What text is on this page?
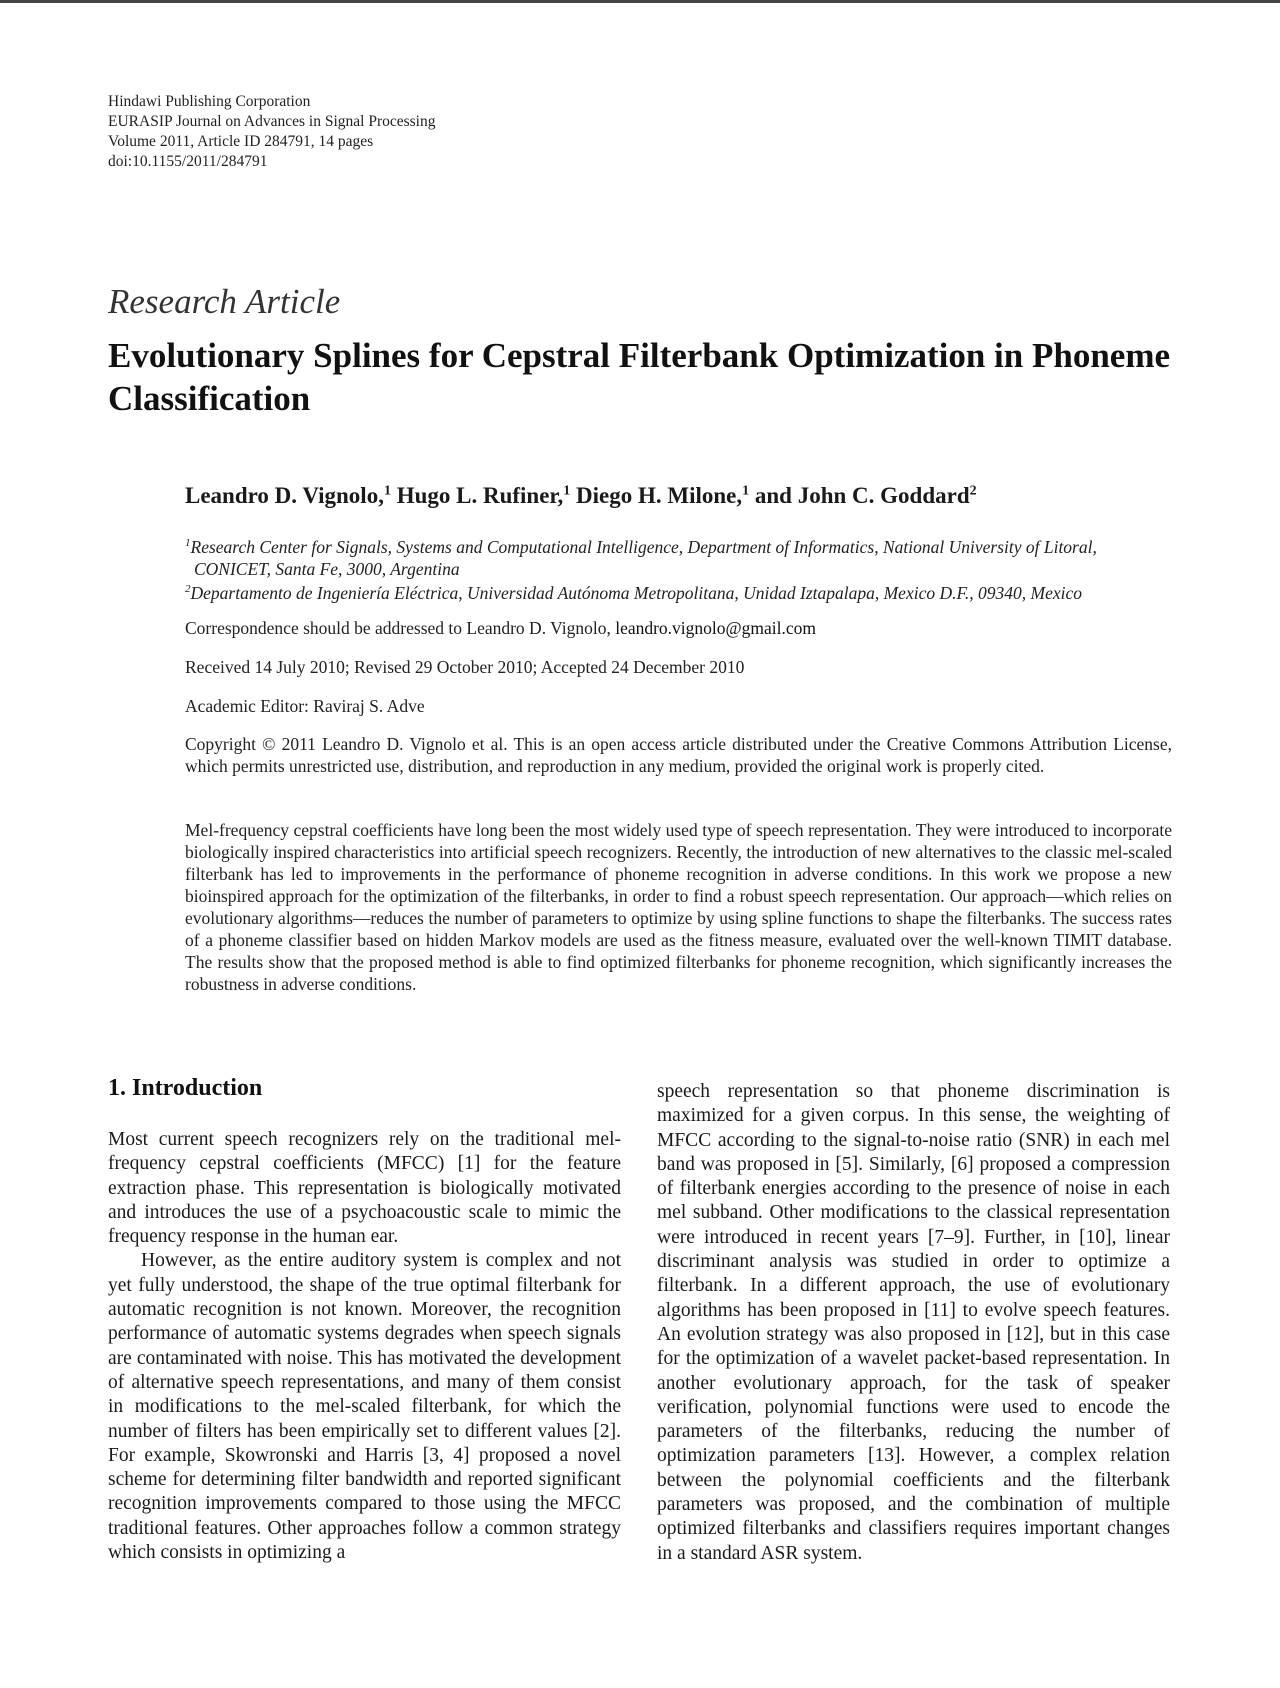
Hindawi Publishing Corporation
EURASIP Journal on Advances in Signal Processing
Volume 2011, Article ID 284791, 14 pages
doi:10.1155/2011/284791
Research Article
Evolutionary Splines for Cepstral Filterbank Optimization in Phoneme Classification
Leandro D. Vignolo,$^1$ Hugo L. Rufiner,$^1$ Diego H. Milone,$^1$ and John C. Goddard$^2$
$^1$Research Center for Signals, Systems and Computational Intelligence, Department of Informatics, National University of Litoral,
CONICET, Santa Fe, 3000, Argentina
$^2$Departamento de Ingeniería Eléctrica, Universidad Autónoma Metropolitana, Unidad Iztapalapa, Mexico D.F., 09340, Mexico
Correspondence should be addressed to Leandro D. Vignolo, leandro.vignolo@gmail.com
Received 14 July 2010; Revised 29 October 2010; Accepted 24 December 2010
Academic Editor: Raviraj S. Adve
Copyright © 2011 Leandro D. Vignolo et al. This is an open access article distributed under the Creative Commons Attribution License, which permits unrestricted use, distribution, and reproduction in any medium, provided the original work is properly cited.
Mel-frequency cepstral coefficients have long been the most widely used type of speech representation. They were introduced to incorporate biologically inspired characteristics into artificial speech recognizers. Recently, the introduction of new alternatives to the classic mel-scaled filterbank has led to improvements in the performance of phoneme recognition in adverse conditions. In this work we propose a new bioinspired approach for the optimization of the filterbanks, in order to find a robust speech representation. Our approach—which relies on evolutionary algorithms—reduces the number of parameters to optimize by using spline functions to shape the filterbanks. The success rates of a phoneme classifier based on hidden Markov models are used as the fitness measure, evaluated over the well-known TIMIT database. The results show that the proposed method is able to find optimized filterbanks for phoneme recognition, which significantly increases the robustness in adverse conditions.
1. Introduction

Most current speech recognizers rely on the traditional mel-frequency cepstral coefficients (MFCC) [1] for the feature extraction phase. This representation is biologically motivated and introduces the use of a psychoacoustic scale to mimic the frequency response in the human ear.

However, as the entire auditory system is complex and not yet fully understood, the shape of the true optimal filterbank for automatic recognition is not known. Moreover, the recognition performance of automatic systems degrades when speech signals are contaminated with noise. This has motivated the development of alternative speech representations, and many of them consist in modifications to the mel-scaled filterbank, for which the number of filters has been empirically set to different values [2]. For example, Skowronski and Harris [3, 4] proposed a novel scheme for determining filter bandwidth and reported significant recognition improvements compared to those using the MFCC traditional features. Other approaches follow a common strategy which consists in optimizing a

speech representation so that phoneme discrimination is maximized for a given corpus. In this sense, the weighting of MFCC according to the signal-to-noise ratio (SNR) in each mel band was proposed in [5]. Similarly, [6] proposed a compression of filterbank energies according to the presence of noise in each mel subband. Other modifications to the classical representation were introduced in recent years [7–9]. Further, in [10], linear discriminant analysis was studied in order to optimize a filterbank. In a different approach, the use of evolutionary algorithms has been proposed in [11] to evolve speech features. An evolution strategy was also proposed in [12], but in this case for the optimization of a wavelet packet-based representation. In another evolutionary approach, for the task of speaker verification, polynomial functions were used to encode the parameters of the filterbanks, reducing the number of optimization parameters [13]. However, a complex relation between the polynomial coefficients and the filterbank parameters was proposed, and the combination of multiple optimized filterbanks and classifiers requires important changes in a standard ASR system.
